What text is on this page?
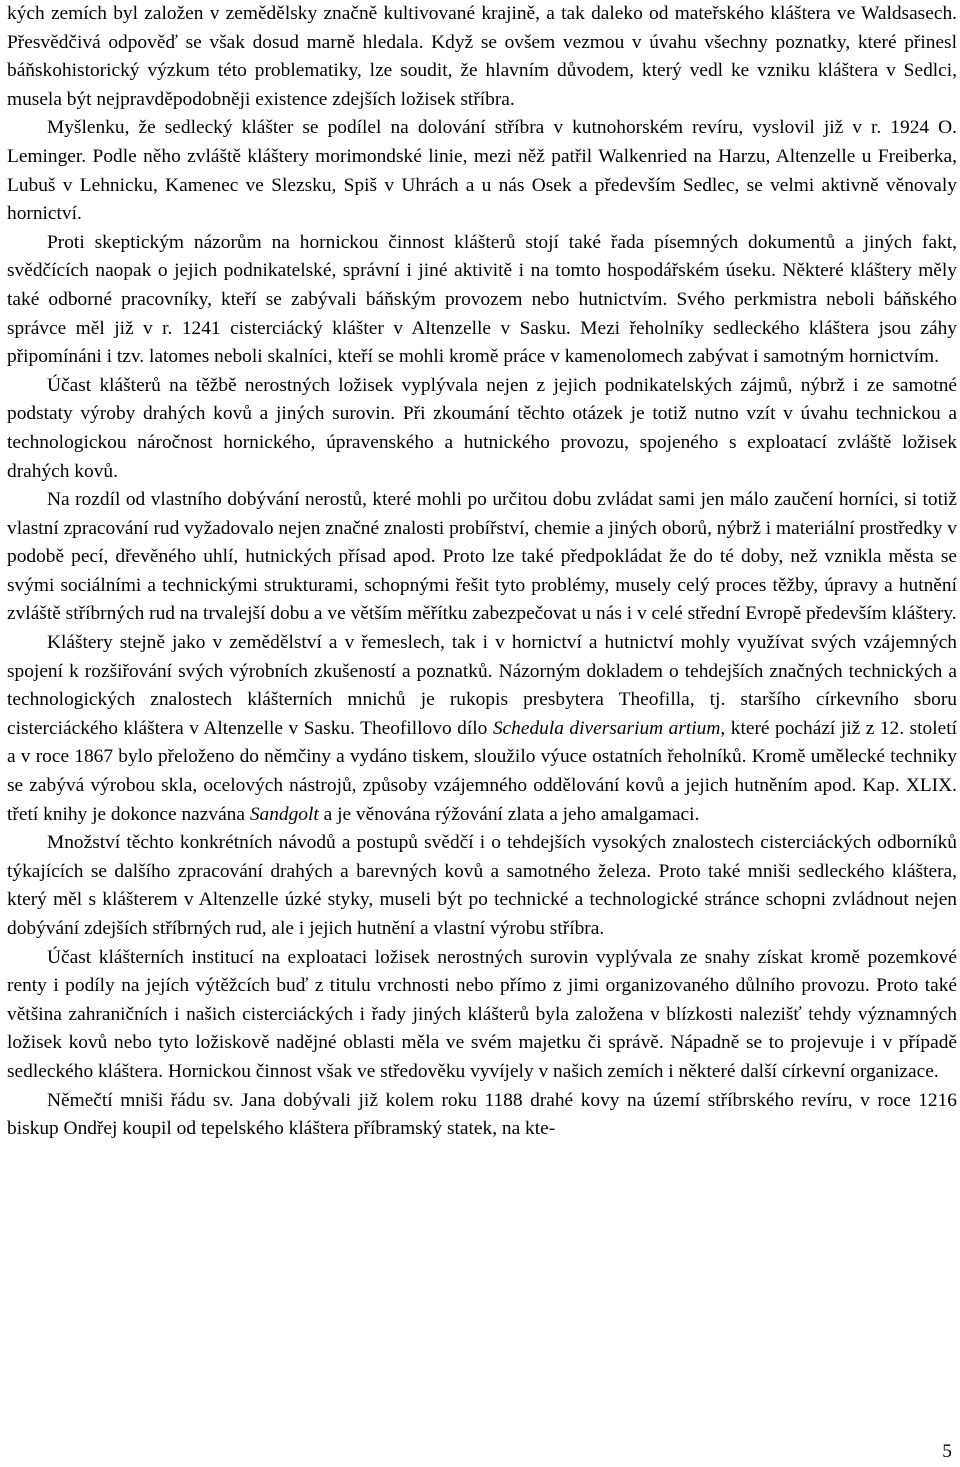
kých zemích byl založen v zemědělsky značně kultivované krajině, a tak daleko od mateřského kláštera ve Waldsasech. Přesvědčivá odpověď se však dosud marně hledala. Když se ovšem vezmou v úvahu všechny poznatky, které přinesl báňskohistorický výzkum této problematiky, lze soudit, že hlavním důvodem, který vedl ke vzniku kláštera v Sedlci, musela být nejpravděpodobněji existence zdejších ložisek stříbra.

Myšlenku, že sedlecký klášter se podílel na dolování stříbra v kutnohorském revíru, vyslovil již v r. 1924 O. Leminger. Podle něho zvláště kláštery morimondské linie, mezi něž patřil Walkenried na Harzu, Altenzelle u Freiberka, Lubuš v Lehnicku, Kamenec ve Slezsku, Spiš v Uhrách a u nás Osek a především Sedlec, se velmi aktivně věnovaly hornictví.

Proti skeptickým názorům na hornickou činnost klášterů stojí také řada písemných dokumentů a jiných fakt, svědčících naopak o jejich podnikatelské, správní i jiné aktivitě i na tomto hospodářském úseku. Některé kláštery měly také odborné pracovníky, kteří se zabývali báňským provozem nebo hutnictvím. Svého perkmistra neboli báňského správce měl již v r. 1241 cisterciácký klášter v Altenzelle v Sasku. Mezi řeholníky sedleckého kláštera jsou záhy připomínáni i tzv. latomes neboli skalníci, kteří se mohli kromě práce v kamenolomech zabývat i samotným hornictvím.

Účast klášterů na těžbě nerostných ložisek vyplývala nejen z jejich podnikatelských zájmů, nýbrž i ze samotné podstaty výroby drahých kovů a jiných surovin. Při zkoumání těchto otázek je totiž nutno vzít v úvahu technickou a technologickou náročnost hornického, úpravenského a hutnického provozu, spojeného s exploatací zvláště ložisek drahých kovů.

Na rozdíl od vlastního dobývání nerostů, které mohli po určitou dobu zvládat sami jen málo zaučení horníci, si totiž vlastní zpracování rud vyžadovalo nejen značné znalosti probířství, chemie a jiných oborů, nýbrž i materiální prostředky v podobě pecí, dřevěného uhlí, hutnických přísad apod. Proto lze také předpokládat že do té doby, než vznikla města se svými sociálními a technickými strukturami, schopnými řešit tyto problémy, musely celý proces těžby, úpravy a hutnění zvláště stříbrných rud na trvalejší dobu a ve větším měřítku zabezpečovat u nás i v celé střední Evropě především kláštery.

Kláštery stejně jako v zemědělství a v řemeslech, tak i v hornictví a hutnictví mohly využívat svých vzájemných spojení k rozšiřování svých výrobních zkušeností a poznatků. Názorným dokladem o tehdejších značných technických a technologických znalostech klášterních mnichů je rukopis presbytera Theofilla, tj. staršího církevního sboru cisterciáckého kláštera v Altenzelle v Sasku. Theofillovo dílo Schedula diversarium artium, které pochází již z 12. století a v roce 1867 bylo přeloženo do němčiny a vydáno tiskem, sloužilo výuce ostatních řeholníků. Kromě umělecké techniky se zabývá výrobou skla, ocelových nástrojů, způsoby vzájemného oddělování kovů a jejich hutněním apod. Kap. XLIX. třetí knihy je dokonce nazvána Sandgolt a je věnována rýžování zlata a jeho amalgamaci.

Množství těchto konkrétních návodů a postupů svědčí i o tehdejších vysokých znalostech cisterciáckých odborníků týkajících se dalšího zpracování drahých a barevných kovů a samotného železa. Proto také mniši sedleckého kláštera, který měl s klášterem v Altenzelle úzké styky, museli být po technické a technologické stránce schopni zvládnout nejen dobývání zdejších stříbrných rud, ale i jejich hutnění a vlastní výrobu stříbra.

Účast klášterních institucí na exploataci ložisek nerostných surovin vyplývala ze snahy získat kromě pozemkové renty i podíly na jejích výtěžcích buď z titulu vrchnosti nebo přímo z jimi organizovaného důlního provozu. Proto také většina zahraničních i našich cisterciáckých i řady jiných klášterů byla založena v blízkosti nalezišť tehdy významných ložisek kovů nebo tyto ložiskově nadějné oblasti měla ve svém majetku či správě. Nápadně se to projevuje i v případě sedleckého kláštera. Hornickou činnost však ve středověku vyvíjely v našich zemích i některé další církevní organizace.

Němečtí mniši řádu sv. Jana dobývali již kolem roku 1188 drahé kovy na území stříbrského revíru, v roce 1216 biskup Ondřej koupil od tepelského kláštera příbramský statek, na kte-

5
